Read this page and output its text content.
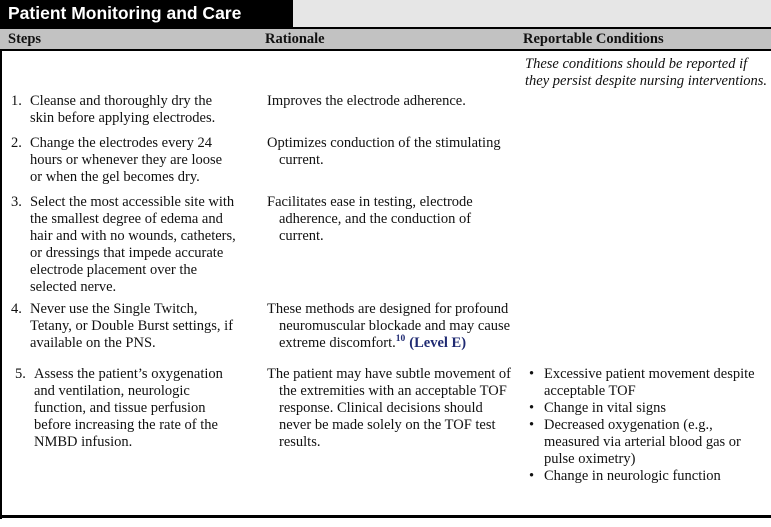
Patient Monitoring and Care
Steps	Rationale	Reportable Conditions
These conditions should be reported if they persist despite nursing interventions.
1. Cleanse and thoroughly dry the skin before applying electrodes.
Improves the electrode adherence.
2. Change the electrodes every 24 hours or whenever they are loose or when the gel becomes dry.
Optimizes conduction of the stimulating current.
3. Select the most accessible site with the smallest degree of edema and hair and with no wounds, catheters, or dressings that impede accurate electrode placement over the selected nerve.
Facilitates ease in testing, electrode adherence, and the conduction of current.
4. Never use the Single Twitch, Tetany, or Double Burst settings, if available on the PNS.
These methods are designed for profound neuromuscular blockade and may cause extreme discomfort.$^{10}$ (Level E)
5. Assess the patient’s oxygenation and ventilation, neurologic function, and tissue perfusion before increasing the rate of the NMBD infusion.
The patient may have subtle movement of the extremities with an acceptable TOF response. Clinical decisions should never be made solely on the TOF test results.
• Excessive patient movement despite acceptable TOF
• Change in vital signs
• Decreased oxygenation (e.g., measured via arterial blood gas or pulse oximetry)
• Change in neurologic function
